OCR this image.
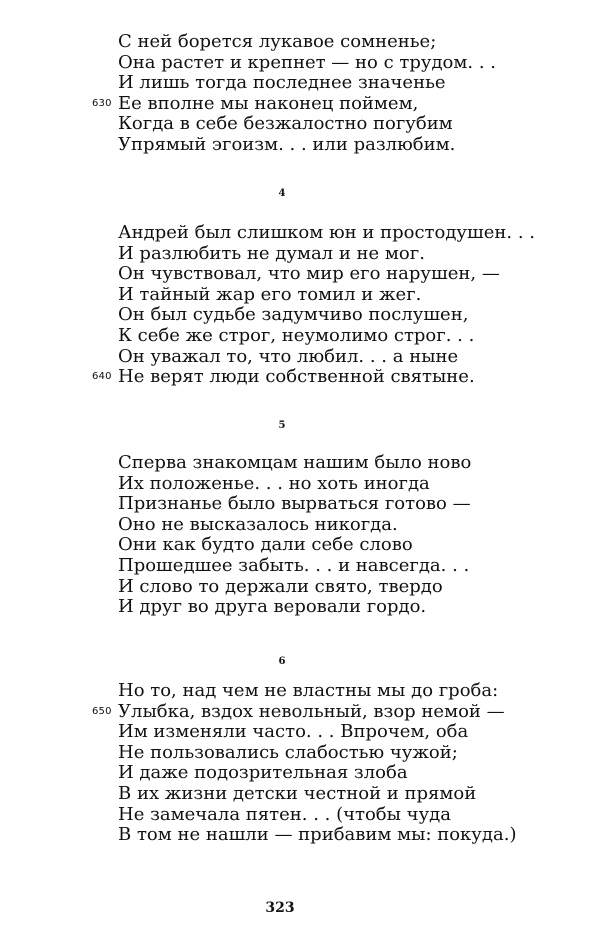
С ней борется лукавое сомненье;
Она растет и крепнет — но с трудом. . .
И лишь тогда последнее значенье
630 Ее вполне мы наконец поймем,
Когда в себе безжалостно погубим
Упрямый эгоизм. . . или разлюбим.
4
Андрей был слишком юн и простодушен. . .
И разлюбить не думал и не мог.
Он чувствовал, что мир его нарушен, —
И тайный жар его томил и жег.
Он был судьбе задумчиво послушен,
К себе же строг, неумолимо строг. . .
Он уважал то, что любил. . . а ныне
640 Не верят люди собственной святыне.
5
Сперва знакомцам нашим было ново
Их положенье. . . но хоть иногда
Признанье было вырваться готово —
Оно не высказалось никогда.
Они как будто дали себе слово
Прошедшее забыть. . . и навсегда. . .
И слово то держали свято, твердо
И друг во друга веровали гордо.
6
Но то, над чем не властны мы до гроба:
650 Улыбка, вздох невольный, взор немой —
Им изменяли часто. . . Впрочем, оба
Не пользовались слабостью чужой;
И даже подозрительная злоба
В их жизни детски честной и прямой
Не замечала пятен. . . (чтобы чуда
В том не нашли — прибавим мы: покуда.)
323
